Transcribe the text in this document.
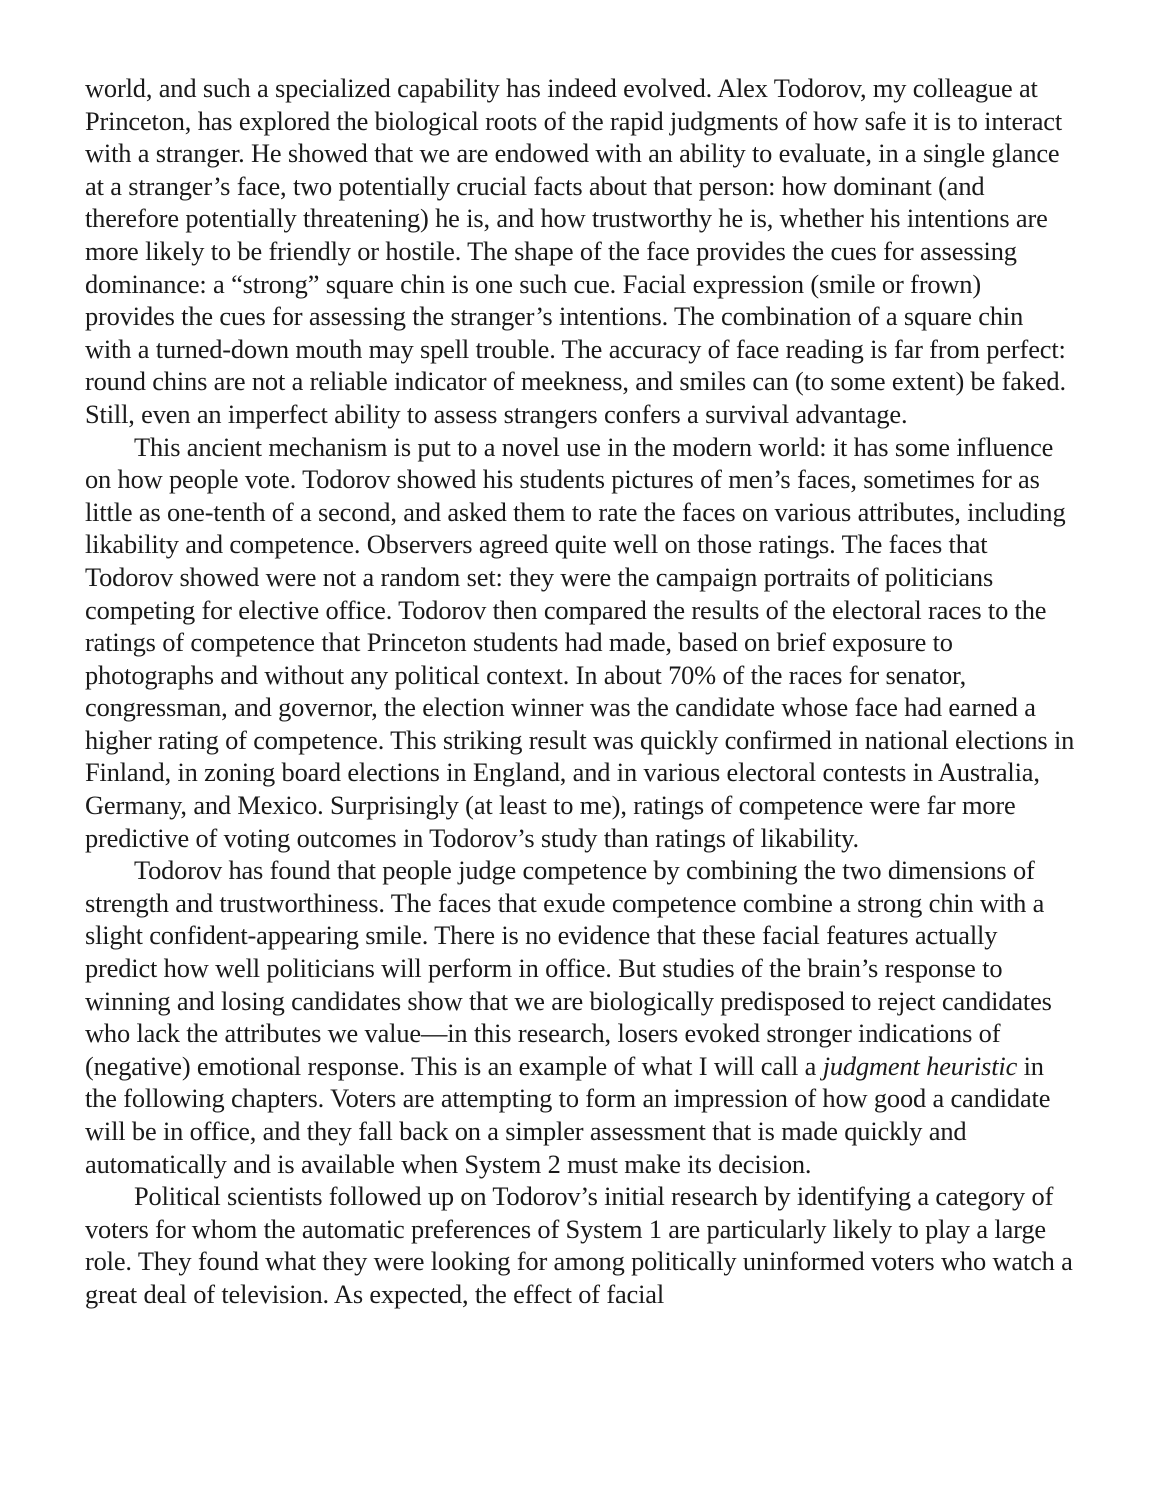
world, and such a specialized capability has indeed evolved. Alex Todorov, my colleague at Princeton, has explored the biological roots of the rapid judgments of how safe it is to interact with a stranger. He showed that we are endowed with an ability to evaluate, in a single glance at a stranger’s face, two potentially crucial facts about that person: how dominant (and therefore potentially threatening) he is, and how trustworthy he is, whether his intentions are more likely to be friendly or hostile. The shape of the face provides the cues for assessing dominance: a “strong” square chin is one such cue. Facial expression (smile or frown) provides the cues for assessing the stranger’s intentions. The combination of a square chin with a turned-down mouth may spell trouble. The accuracy of face reading is far from perfect: round chins are not a reliable indicator of meekness, and smiles can (to some extent) be faked. Still, even an imperfect ability to assess strangers confers a survival advantage.

This ancient mechanism is put to a novel use in the modern world: it has some influence on how people vote. Todorov showed his students pictures of men’s faces, sometimes for as little as one-tenth of a second, and asked them to rate the faces on various attributes, including likability and competence. Observers agreed quite well on those ratings. The faces that Todorov showed were not a random set: they were the campaign portraits of politicians competing for elective office. Todorov then compared the results of the electoral races to the ratings of competence that Princeton students had made, based on brief exposure to photographs and without any political context. In about 70% of the races for senator, congressman, and governor, the election winner was the candidate whose face had earned a higher rating of competence. This striking result was quickly confirmed in national elections in Finland, in zoning board elections in England, and in various electoral contests in Australia, Germany, and Mexico. Surprisingly (at least to me), ratings of competence were far more predictive of voting outcomes in Todorov’s study than ratings of likability.

Todorov has found that people judge competence by combining the two dimensions of strength and trustworthiness. The faces that exude competence combine a strong chin with a slight confident-appearing smile. There is no evidence that these facial features actually predict how well politicians will perform in office. But studies of the brain’s response to winning and losing candidates show that we are biologically predisposed to reject candidates who lack the attributes we value—in this research, losers evoked stronger indications of (negative) emotional response. This is an example of what I will call a judgment heuristic in the following chapters. Voters are attempting to form an impression of how good a candidate will be in office, and they fall back on a simpler assessment that is made quickly and automatically and is available when System 2 must make its decision.

Political scientists followed up on Todorov’s initial research by identifying a category of voters for whom the automatic preferences of System 1 are particularly likely to play a large role. They found what they were looking for among politically uninformed voters who watch a great deal of television. As expected, the effect of facial
